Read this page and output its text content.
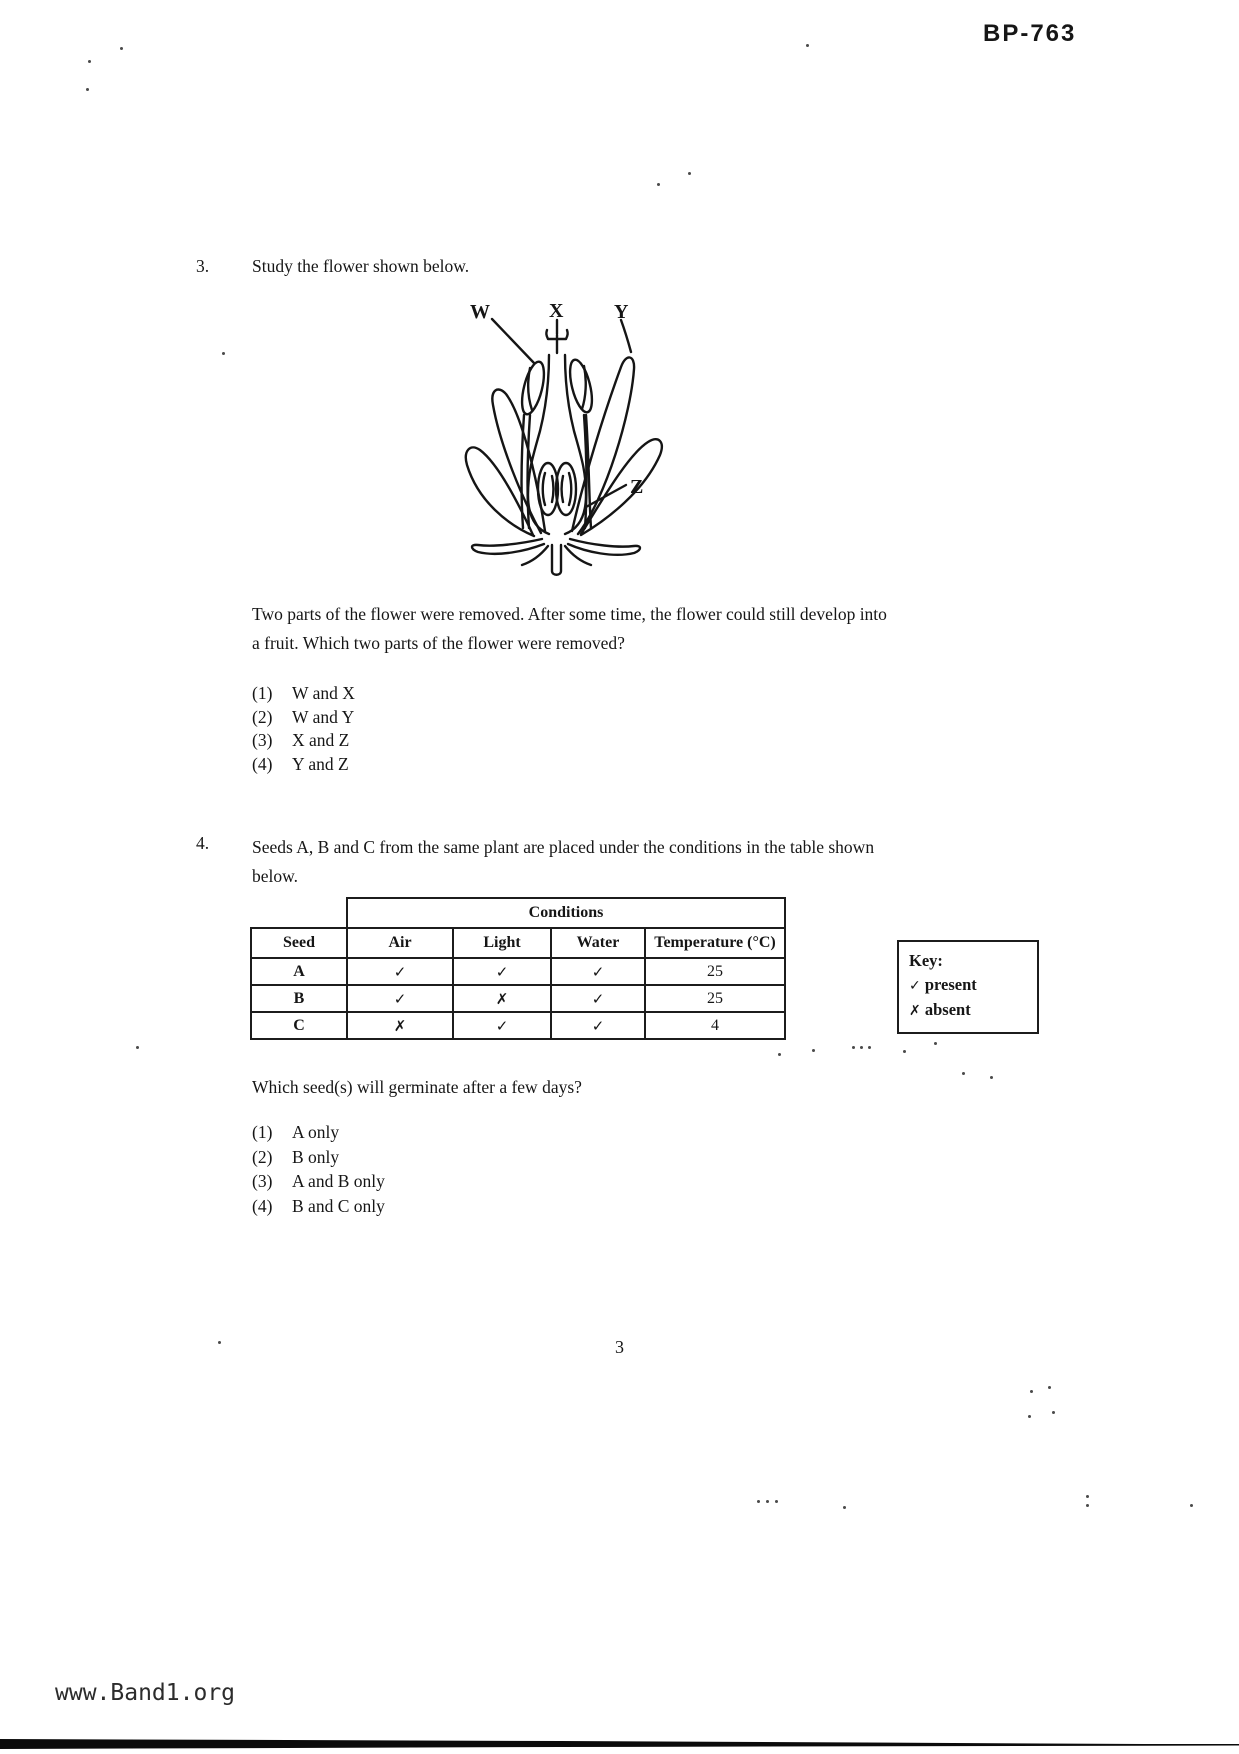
BP-763
3. Study the flower shown below.
W	X	Y
Z
Two parts of the flower were removed. After some time, the flower could still develop into
a fruit. Which two parts of the flower were removed?
(1)	W and X
(2)	W and Y
(3)	X and Z
(4)	Y and Z
4. Seeds A, B and C from the same plant are placed under the conditions in the table shown
below.
	Conditions			
Seed	Air	Light	Water	Temperature (°C)
A	✓	✓	✓	25
B	✓	✗	✓	25
C	✗	✓	✓	4
Key:
✓ present
✗ absent
Which seed(s) will germinate after a few days?
(1)	A only
(2)	B only
(3)	A and B only
(4)	B and C only
3
www.Band1.org
